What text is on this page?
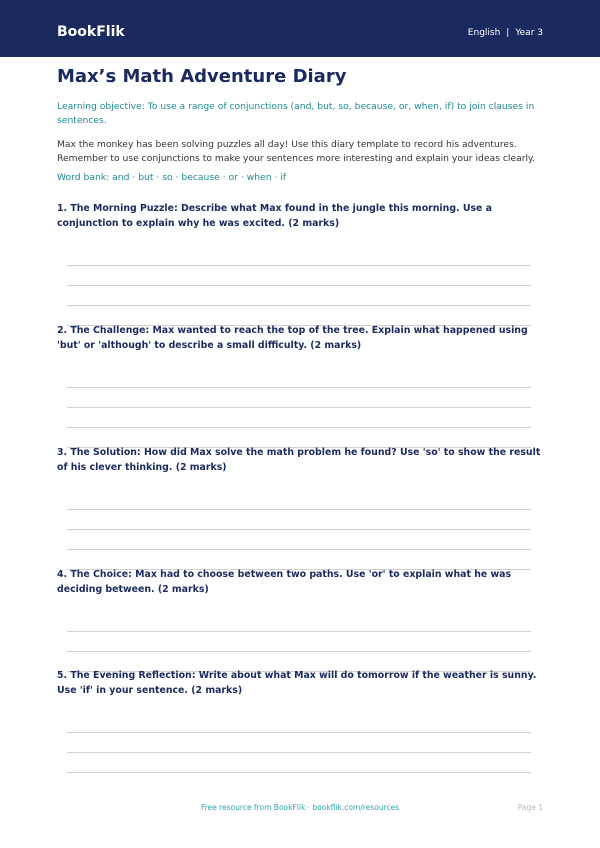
BookFlik	English | Year 3
Max’s Math Adventure Diary
Learning objective: To use a range of conjunctions (and, but, so, because, or, when, if) to join clauses in sentences.
Max the monkey has been solving puzzles all day! Use this diary template to record his adventures. Remember to use conjunctions to make your sentences more interesting and explain your ideas clearly.
Word bank: and · but · so · because · or · when · if
1. The Morning Puzzle: Describe what Max found in the jungle this morning. Use a conjunction to explain why he was excited. (2 marks)
2. The Challenge: Max wanted to reach the top of the tree. Explain what happened using 'but' or 'although' to describe a small difficulty. (2 marks)
3. The Solution: How did Max solve the math problem he found? Use 'so' to show the result of his clever thinking. (2 marks)
4. The Choice: Max had to choose between two paths. Use 'or' to explain what he was deciding between. (2 marks)
5. The Evening Reflection: Write about what Max will do tomorrow if the weather is sunny. Use 'if' in your sentence. (2 marks)
Free resource from BookFlik · bookflik.com/resources	Page 1
